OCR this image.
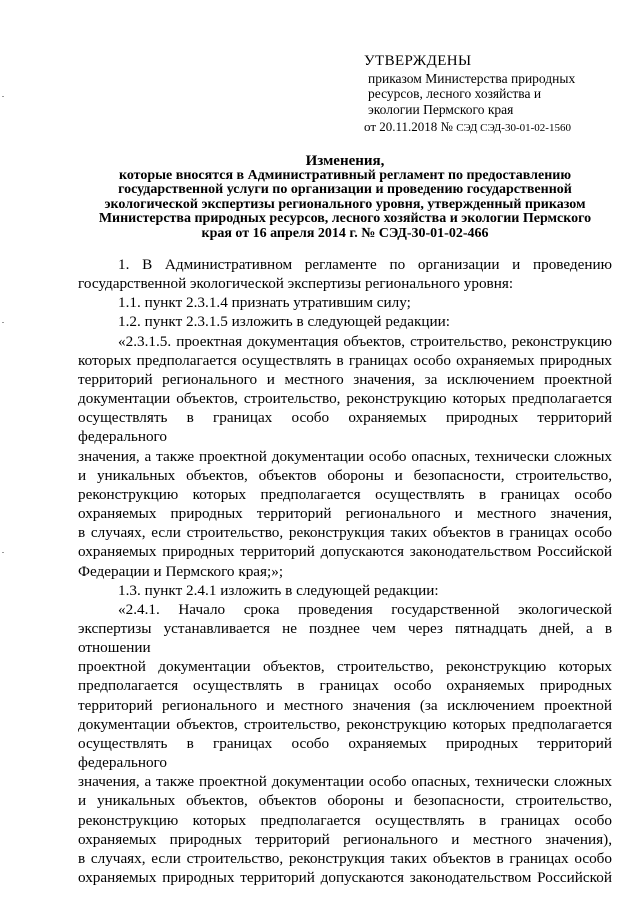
УТВЕРЖДЕНЫ
приказом Министерства природных
ресурсов, лесного хозяйства и
экологии Пермского края
от 20.11.2018 № СЭД СЭД-30-01-02-1560
Изменения,
которые вносятся в Административный регламент по предоставлению
государственной услуги по организации и проведению государственной
экологической экспертизы регионального уровня, утвержденный приказом
Министерства природных ресурсов, лесного хозяйства и экологии Пермского
края от 16 апреля 2014 г. № СЭД-30-01-02-466

1. В Административном регламенте по организации и проведению

государственной экологической экспертизы регионального уровня:

1.1. пункт 2.3.1.4 признать утратившим силу;

1.2. пункт 2.3.1.5 изложить в следующей редакции:

«2.3.1.5. проектная документация объектов, строительство, реконструкцию

которых предполагается осуществлять в границах особо охраняемых природных

территорий регионального и местного значения, за исключением проектной

документации объектов, строительство, реконструкцию которых предполагается

осуществлять в границах особо охраняемых природных территорий федерального

значения, а также проектной документации особо опасных, технически сложных

и уникальных объектов, объектов обороны и безопасности, строительство,

реконструкцию которых предполагается осуществлять в границах особо

охраняемых природных территорий регионального и местного значения,

в случаях, если строительство, реконструкция таких объектов в границах особо

охраняемых природных территорий допускаются законодательством Российской

Федерации и Пермского края;»;

1.3. пункт 2.4.1 изложить в следующей редакции:

«2.4.1. Начало срока проведения государственной экологической

экспертизы устанавливается не позднее чем через пятнадцать дней, а в отношении

проектной документации объектов, строительство, реконструкцию которых

предполагается осуществлять в границах особо охраняемых природных

территорий регионального и местного значения (за исключением проектной

документации объектов, строительство, реконструкцию которых предполагается

осуществлять в границах особо охраняемых природных территорий федерального

значения, а также проектной документации особо опасных, технически сложных

и уникальных объектов, объектов обороны и безопасности, строительство,

реконструкцию которых предполагается осуществлять в границах особо

охраняемых природных территорий регионального и местного значения),

в случаях, если строительство, реконструкция таких объектов в границах особо

охраняемых природных территорий допускаются законодательством Российской
